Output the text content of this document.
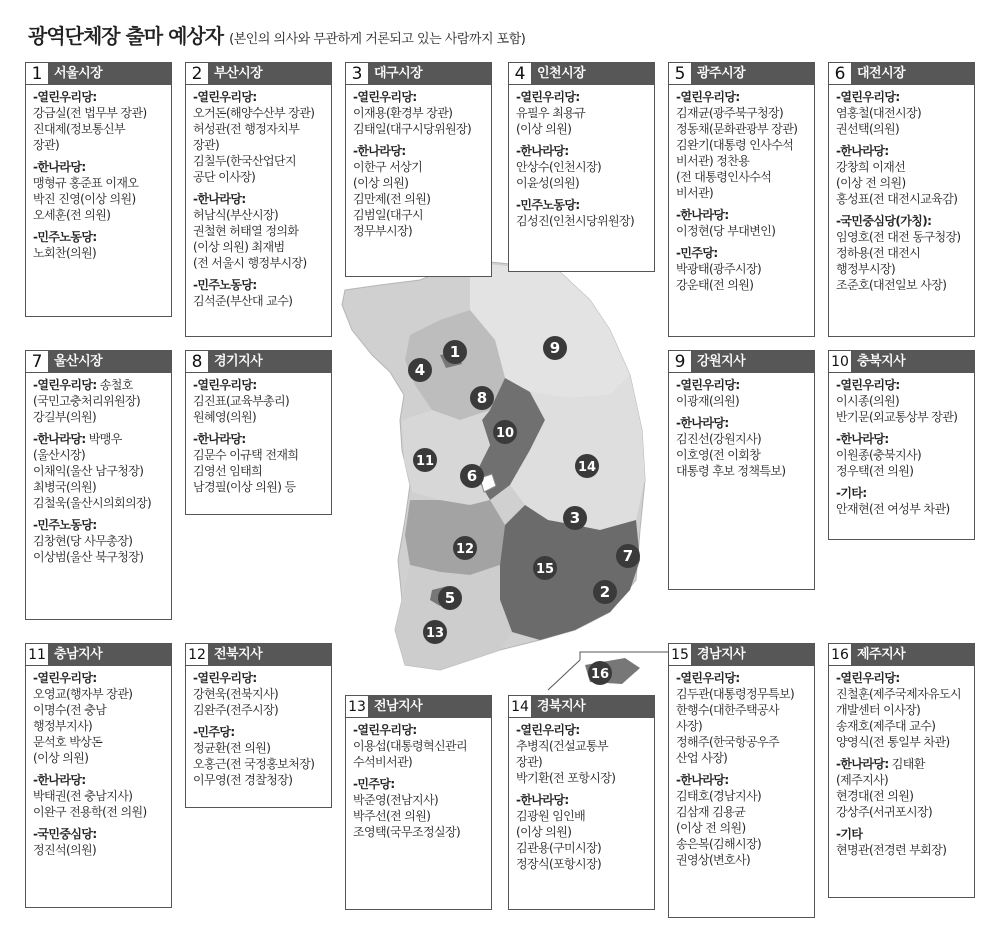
광역단체장 출마 예상자 (본인의 의사와 무관하게 거론되고 있는 사람까지 포함)
1
2
3
4
5
6
7
8
9
10
11
12
13
14
15
16
1 서울시장
-열린우리당:
강금실(전 법무부 장관)
진대제(정보통신부
장관)
-한나라당:
맹형규 홍준표 이재오
박진 진영(이상 의원)
오세훈(전 의원)
-민주노동당:
노회찬(의원)
2 부산시장
-열린우리당:
오거돈(해양수산부 장관)
허성관(전 행정자치부
장관)
김칠두(한국산업단지
공단 이사장)
-한나라당:
허남식(부산시장)
권철현 허태열 정의화
(이상 의원) 최재범
(전 서울시 행정부시장)
-민주노동당:
김석준(부산대 교수)
3 대구시장
-열린우리당:
이재용(환경부 장관)
김태일(대구시당위원장)
-한나라당:
이한구 서상기
(이상 의원)
김만제(전 의원)
김범일(대구시
정무부시장)
4 인천시장
-열린우리당:
유필우 최용규
(이상 의원)
-한나라당:
안상수(인천시장)
이윤성(의원)
-민주노동당:
김성진(인천시당위원장)
5 광주시장
-열린우리당:
김재균(광주북구청장)
정동채(문화관광부 장관)
김완기(대통령 인사수석
비서관) 정찬용
(전 대통령인사수석
비서관)
-한나라당:
이정현(당 부대변인)
-민주당:
박광태(광주시장)
강운태(전 의원)
6 대전시장
-열린우리당:
염홍철(대전시장)
권선택(의원)
-한나라당:
강창희 이재선
(이상 전 의원)
홍성표(전 대전시교육감)
-국민중심당(가칭):
임영호(전 대전 동구청장)
정하용(전 대전시
행정부시장)
조준호(대전일보 사장)
7 울산시장
-열린우리당: 송철호
(국민고충처리위원장)
강길부(의원)
-한나라당: 박맹우
(울산시장)
이채익(울산 남구청장)
최병국(의원)
김철욱(울산시의회의장)
-민주노동당:
김창현(당 사무총장)
이상범(울산 북구청장)
8 경기지사
-열린우리당:
김진표(교육부총리)
원혜영(의원)
-한나라당:
김문수 이규택 전재희
김영선 임태희
남경필(이상 의원) 등
9 강원지사
-열린우리당:
이광재(의원)
-한나라당:
김진선(강원지사)
이호영(전 이회창
대통령 후보 정책특보)
10 충북지사
-열린우리당:
이시종(의원)
반기문(외교통상부 장관)
-한나라당:
이원종(충북지사)
정우택(전 의원)
-기타:
안재현(전 여성부 차관)
11 충남지사
-열린우리당:
오영교(행자부 장관)
이명수(전 충남
행정부지사)
문석호 박상돈
(이상 의원)
-한나라당:
박태권(전 충남지사)
이완구 전용학(전 의원)
-국민중심당:
정진석(의원)
12 전북지사
-열린우리당:
강현욱(전북지사)
김완주(전주시장)
-민주당:
정균환(전 의원)
오홍근(전 국정홍보처장)
이무영(전 경찰청장)
13 전남지사
-열린우리당:
이용섭(대통령혁신관리
수석비서관)
-민주당:
박준영(전남지사)
박주선(전 의원)
조영택(국무조정실장)
14 경북지사
-열린우리당:
추병직(건설교통부
장관)
박기환(전 포항시장)
-한나라당:
김광원 임인배
(이상 의원)
김관용(구미시장)
정장식(포항시장)
15 경남지사
-열린우리당:
김두관(대통령정무특보)
한행수(대한주택공사
사장)
정해주(한국항공우주
산업 사장)
-한나라당:
김태호(경남지사)
김삼재 김용균
(이상 전 의원)
송은복(김해시장)
권영상(변호사)
16 제주지사
-열린우리당:
진철훈(제주국제자유도시
개발센터 이사장)
송재호(제주대 교수)
양영식(전 통일부 차관)
-한나라당: 김태환
(제주지사)
현경대(전 의원)
강상주(서귀포시장)
-기타
현명관(전경련 부회장)
